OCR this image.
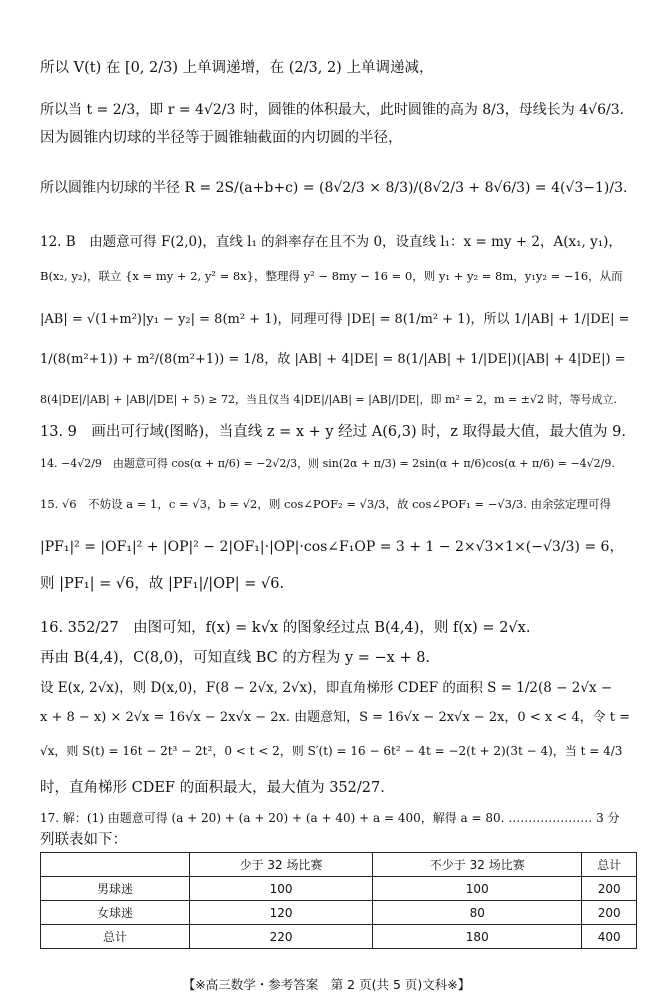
所以 V(t) 在 [0, 2/3) 上单调递增，在 (2/3, 2) 上单调递减，
所以当 t = 2/3，即 r = 4√2/3 时，圆锥的体积最大，此时圆锥的高为 8/3，母线长为 4√6/3.
因为圆锥内切球的半径等于圆锥轴截面的内切圆的半径，
所以圆锥内切球的半径 R = 2S/(a+b+c) = (8√2/3 × 8/3)/(8√2/3 + 8√6/3) = 4(√3−1)/3.
12. B　由题意可得 F(2,0)，直线 l₁ 的斜率存在且不为 0，设直线 l₁：x = my + 2，A(x₁, y₁)，
B(x₂, y₂)，联立 {x = my + 2, y² = 8x}，整理得 y² − 8my − 16 = 0，则 y₁ + y₂ = 8m，y₁y₂ = −16，从而
|AB| = √(1+m²)|y₁ − y₂| = 8(m² + 1)，同理可得 |DE| = 8(1/m² + 1)，所以 1/|AB| + 1/|DE| =
1/(8(m²+1)) + m²/(8(m²+1)) = 1/8，故 |AB| + 4|DE| = 8(1/|AB| + 1/|DE|)(|AB| + 4|DE|) =
8(4|DE|/|AB| + |AB|/|DE| + 5) ≥ 72，当且仅当 4|DE|/|AB| = |AB|/|DE|，即 m² = 2，m = ±√2 时，等号成立.
13. 9　画出可行域(图略)，当直线 z = x + y 经过 A(6,3) 时，z 取得最大值，最大值为 9.
14. −4√2/9　由题意可得 cos(α + π/6) = −2√2/3，则 sin(2α + π/3) = 2sin(α + π/6)cos(α + π/6) = −4√2/9.
15. √6　不妨设 a = 1，c = √3，b = √2，则 cos∠POF₂ = √3/3，故 cos∠POF₁ = −√3/3. 由余弦定理可得
|PF₁|² = |OF₁|² + |OP|² − 2|OF₁|·|OP|·cos∠F₁OP = 3 + 1 − 2×√3×1×(−√3/3) = 6，
则 |PF₁| = √6，故 |PF₁|/|OP| = √6.
16. 352/27　由图可知，f(x) = k√x 的图象经过点 B(4,4)，则 f(x) = 2√x.
再由 B(4,4)，C(8,0)，可知直线 BC 的方程为 y = −x + 8.
设 E(x, 2√x)，则 D(x,0)，F(8 − 2√x, 2√x)，即直角梯形 CDEF 的面积 S = 1/2(8 − 2√x −
x + 8 − x) × 2√x = 16√x − 2x√x − 2x. 由题意知，S = 16√x − 2x√x − 2x，0 < x < 4，令 t =
√x，则 S(t) = 16t − 2t³ − 2t²，0 < t < 2，则 S′(t) = 16 − 6t² − 4t = −2(t + 2)(3t − 4)，当 t = 4/3
时，直角梯形 CDEF 的面积最大，最大值为 352/27.
17. 解：(1) 由题意可得 (a + 20) + (a + 20) + (a + 40) + a = 400，解得 a = 80. ………………… 3 分
列联表如下：
	少于 32 场比赛	不少于 32 场比赛	总计
男球迷	100	100	200
女球迷	120	80	200
总计	220	180	400
【※高三数学・参考答案　第 2 页(共 5 页)文科※】
